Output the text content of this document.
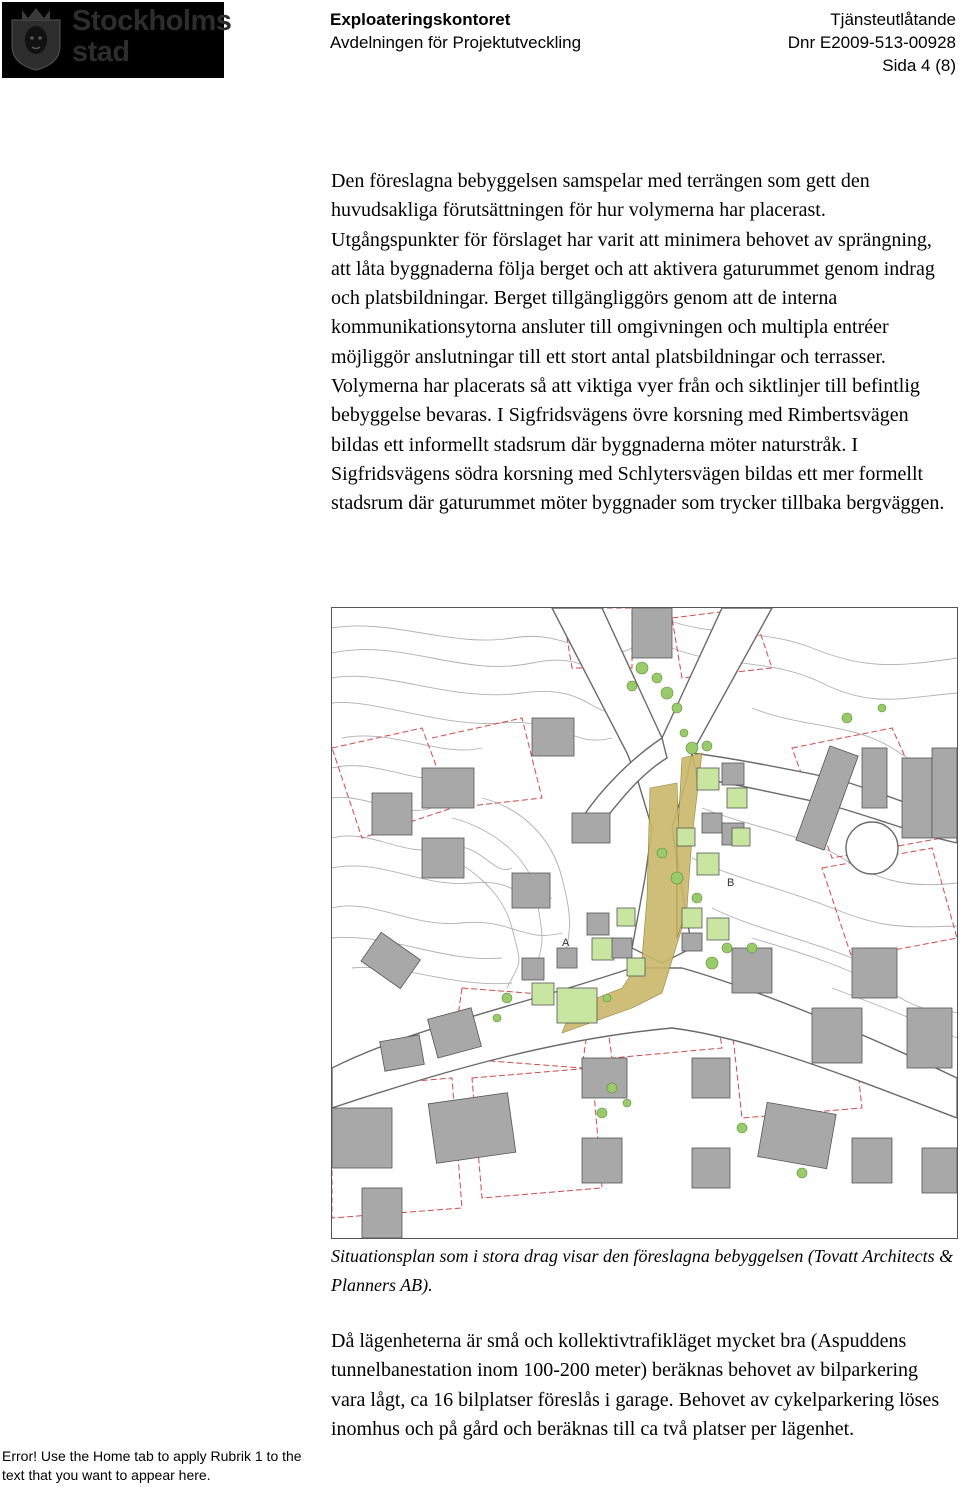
Stockholms
stad
Exploateringskontoret
Avdelningen för Projektutveckling
Tjänsteutlåtande
Dnr E2009-513-00928
Sida 4 (8)
Den föreslagna bebyggelsen samspelar med terrängen som gett den huvudsakliga förutsättningen för hur volymerna har placerast. Utgångspunkter för förslaget har varit att minimera behovet av sprängning, att låta byggnaderna följa berget och att aktivera gaturummet genom indrag och platsbildningar. Berget tillgängliggörs genom att de interna kommunikationsytorna ansluter till omgivningen och multipla entréer möjliggör anslutningar till ett stort antal platsbildningar och terrasser. Volymerna har placerats så att viktiga vyer från och siktlinjer till befintlig bebyggelse bevaras. I Sigfridsvägens övre korsning med Rimbertsvägen bildas ett informellt stadsrum där byggnaderna möter naturstråk. I Sigfridsvägens södra korsning med Schlytersvägen bildas ett mer formellt stadsrum där gaturummet möter byggnader som trycker tillbaka bergväggen.
A
B
Situationsplan som i stora drag visar den föreslagna bebyggelsen (Tovatt Architects & Planners AB).
Då lägenheterna är små och kollektivtrafikläget mycket bra (Aspuddens tunnelbanestation inom 100-200 meter) beräknas behovet av bilparkering vara lågt, ca 16 bilplatser föreslås i garage. Behovet av cykelparkering löses inomhus och på gård och beräknas till ca två platser per lägenhet.
Error! Use the Home tab to apply Rubrik 1 to the text that you want to appear here.
